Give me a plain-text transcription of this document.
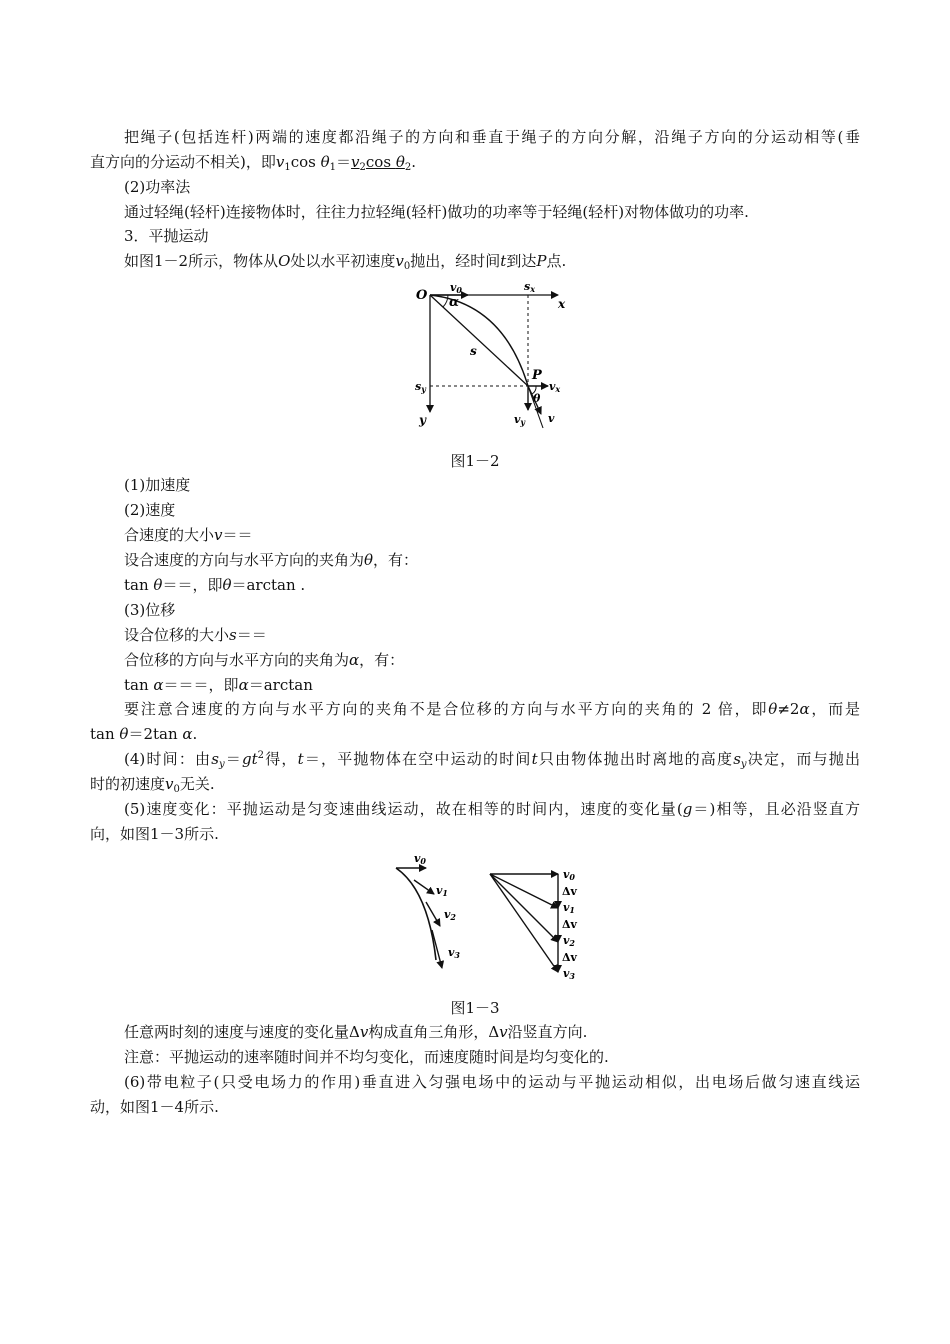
把绳子(包括连杆)两端的速度都沿绳子的方向和垂直于绳子的方向分解，沿绳子方向的分运动相等(垂
直方向的分运动不相关)，即$v_1\cos$ $\theta_1=v_2\cos$ $\theta_2$.
(2)功率法
通过轻绳(轻杆)连接物体时，往往力拉轻绳(轻杆)做功的功率等于轻绳(轻杆)对物体做功的功率.
3．平抛运动
如图1－2所示，物体从O处以水平初速度$v_0$抛出，经时间t到达P点.
O α
v0	sx
x
s
P
vx
θ
sy
vy v
y
图1－2
(1)加速度
(2)速度
合速度的大小v＝＝
设合速度的方向与水平方向的夹角为θ，有：
tan θ＝＝，即θ＝arctan .
(3)位移
设合位移的大小s＝＝
合位移的方向与水平方向的夹角为α，有：
tan α＝＝＝，即α＝arctan
要注意合速度的方向与水平方向的夹角不是合位移的方向与水平方向的夹角的 2 倍，即θ≠2α，而是
tan θ＝2tan α.
(4)时间：由$s_y=gt^2$得，t＝，平抛物体在空中运动的时间t只由物体抛出时离地的高度$s_y$决定，而与抛出
时的初速度$v_0$无关.
(5)速度变化：平抛运动是匀变速曲线运动，故在相等的时间内，速度的变化量(g＝)相等，且必沿竖直方
向，如图1－3所示.
v0
v1
v2
v3
v0
Δv
v1
Δv
v2
Δv
v3
图1－3
任意两时刻的速度与速度的变化量Δv构成直角三角形，Δv沿竖直方向.
注意：平抛运动的速率随时间并不均匀变化，而速度随时间是均匀变化的.
(6)带电粒子(只受电场力的作用)垂直进入匀强电场中的运动与平抛运动相似，出电场后做匀速直线运
动，如图1－4所示.
